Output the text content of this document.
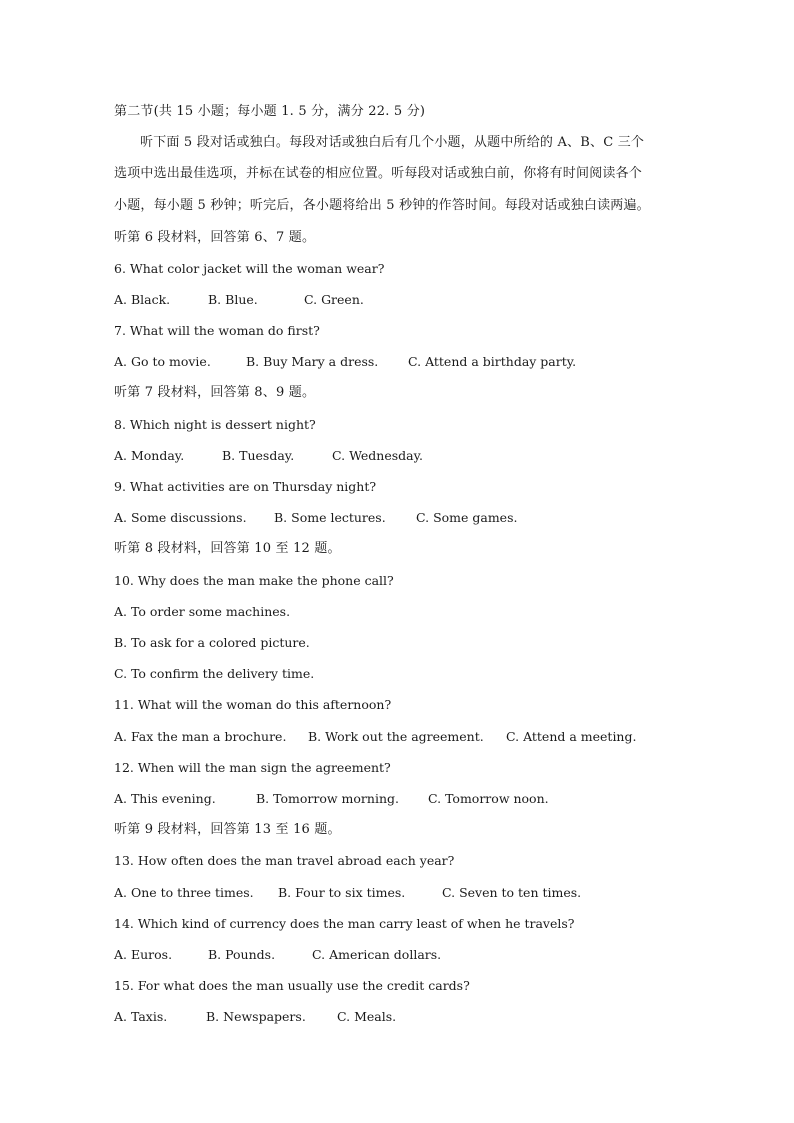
第二节(共 15 小题；每小题 1. 5 分，满分 22. 5 分)
听下面 5 段对话或独白。每段对话或独白后有几个小题，从题中所给的 A、B、C 三个
选项中选出最佳选项，并标在试卷的相应位置。听每段对话或独白前，你将有时间阅读各个
小题，每小题 5 秒钟；听完后，各小题将给出 5 秒钟的作答时间。每段对话或独白读两遍。
听第 6 段材料，回答第 6、7 题。
6. What color jacket will the woman wear?
A. Black.	B. Blue.	C. Green.
7. What will the woman do first?
A. Go to movie.	B. Buy Mary a dress. C. Attend a birthday party.
听第 7 段材料，回答第 8、9 题。
8. Which night is dessert night?
A. Monday.	B. Tuesday.	C. Wednesday.
9. What activities are on Thursday night?
A. Some discussions. B. Some lectures. C. Some games.
听第 8 段材料，回答第 10 至 12 题。
10. Why does the man make the phone call?
A. To order some machines.
B. To ask for a colored picture.
C. To confirm the delivery time.
11. What will the woman do this afternoon?
A. Fax the man a brochure. B. Work out the agreement. C. Attend a meeting.
12. When will the man sign the agreement?
A. This evening.	B. Tomorrow morning. C. Tomorrow noon.
听第 9 段材料，回答第 13 至 16 题。
13. How often does the man travel abroad each year?
A. One to three times. B. Four to six times.	C. Seven to ten times.
14. Which kind of currency does the man carry least of when he travels?
A. Euros.	B. Pounds.	C. American dollars.
15. For what does the man usually use the credit cards?
A. Taxis.	B. Newspapers. C. Meals.
